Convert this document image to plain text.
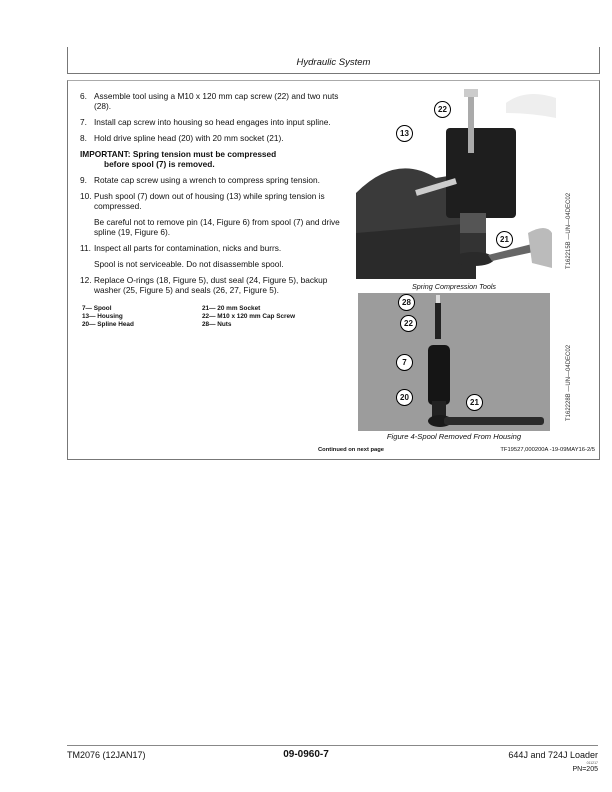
Hydraulic System
6. Assemble tool using a M10 x 120 mm cap screw (22) and two nuts (28).
7. Install cap screw into housing so head engages into input spline.
8. Hold drive spline head (20) with 20 mm socket (21).
IMPORTANT: Spring tension must be compressed
before spool (7) is removed.
9. Rotate cap screw using a wrench to compress spring tension.
10. Push spool (7) down out of housing (13) while spring tension is compressed.
Be careful not to remove pin (14, Figure 6) from spool (7) and drive spline (19, Figure 6).
11. Inspect all parts for contamination, nicks and burrs.
Spool is not serviceable. Do not disassemble spool.
12. Replace O-rings (18, Figure 5), dust seal (24, Figure 5), backup washer (25, Figure 5) and seals (26, 27, Figure 5).
7— Spool	21— 20 mm Socket
13— Housing	22— M10 x 120 mm Cap Screw
20— Spline Head	28— Nuts
22
13
21
Spring Compression Tools
T162215B —UN—04DEC02
28
22
7
20
21
Figure 4-Spool Removed From Housing
T162228B —UN—04DEC02
Continued on next page	TF19527,000200A -19-09MAY16-2/5
TM2076 (12JAN17)	09-0960-7	644J and 724J Loader
011217
PN=205
